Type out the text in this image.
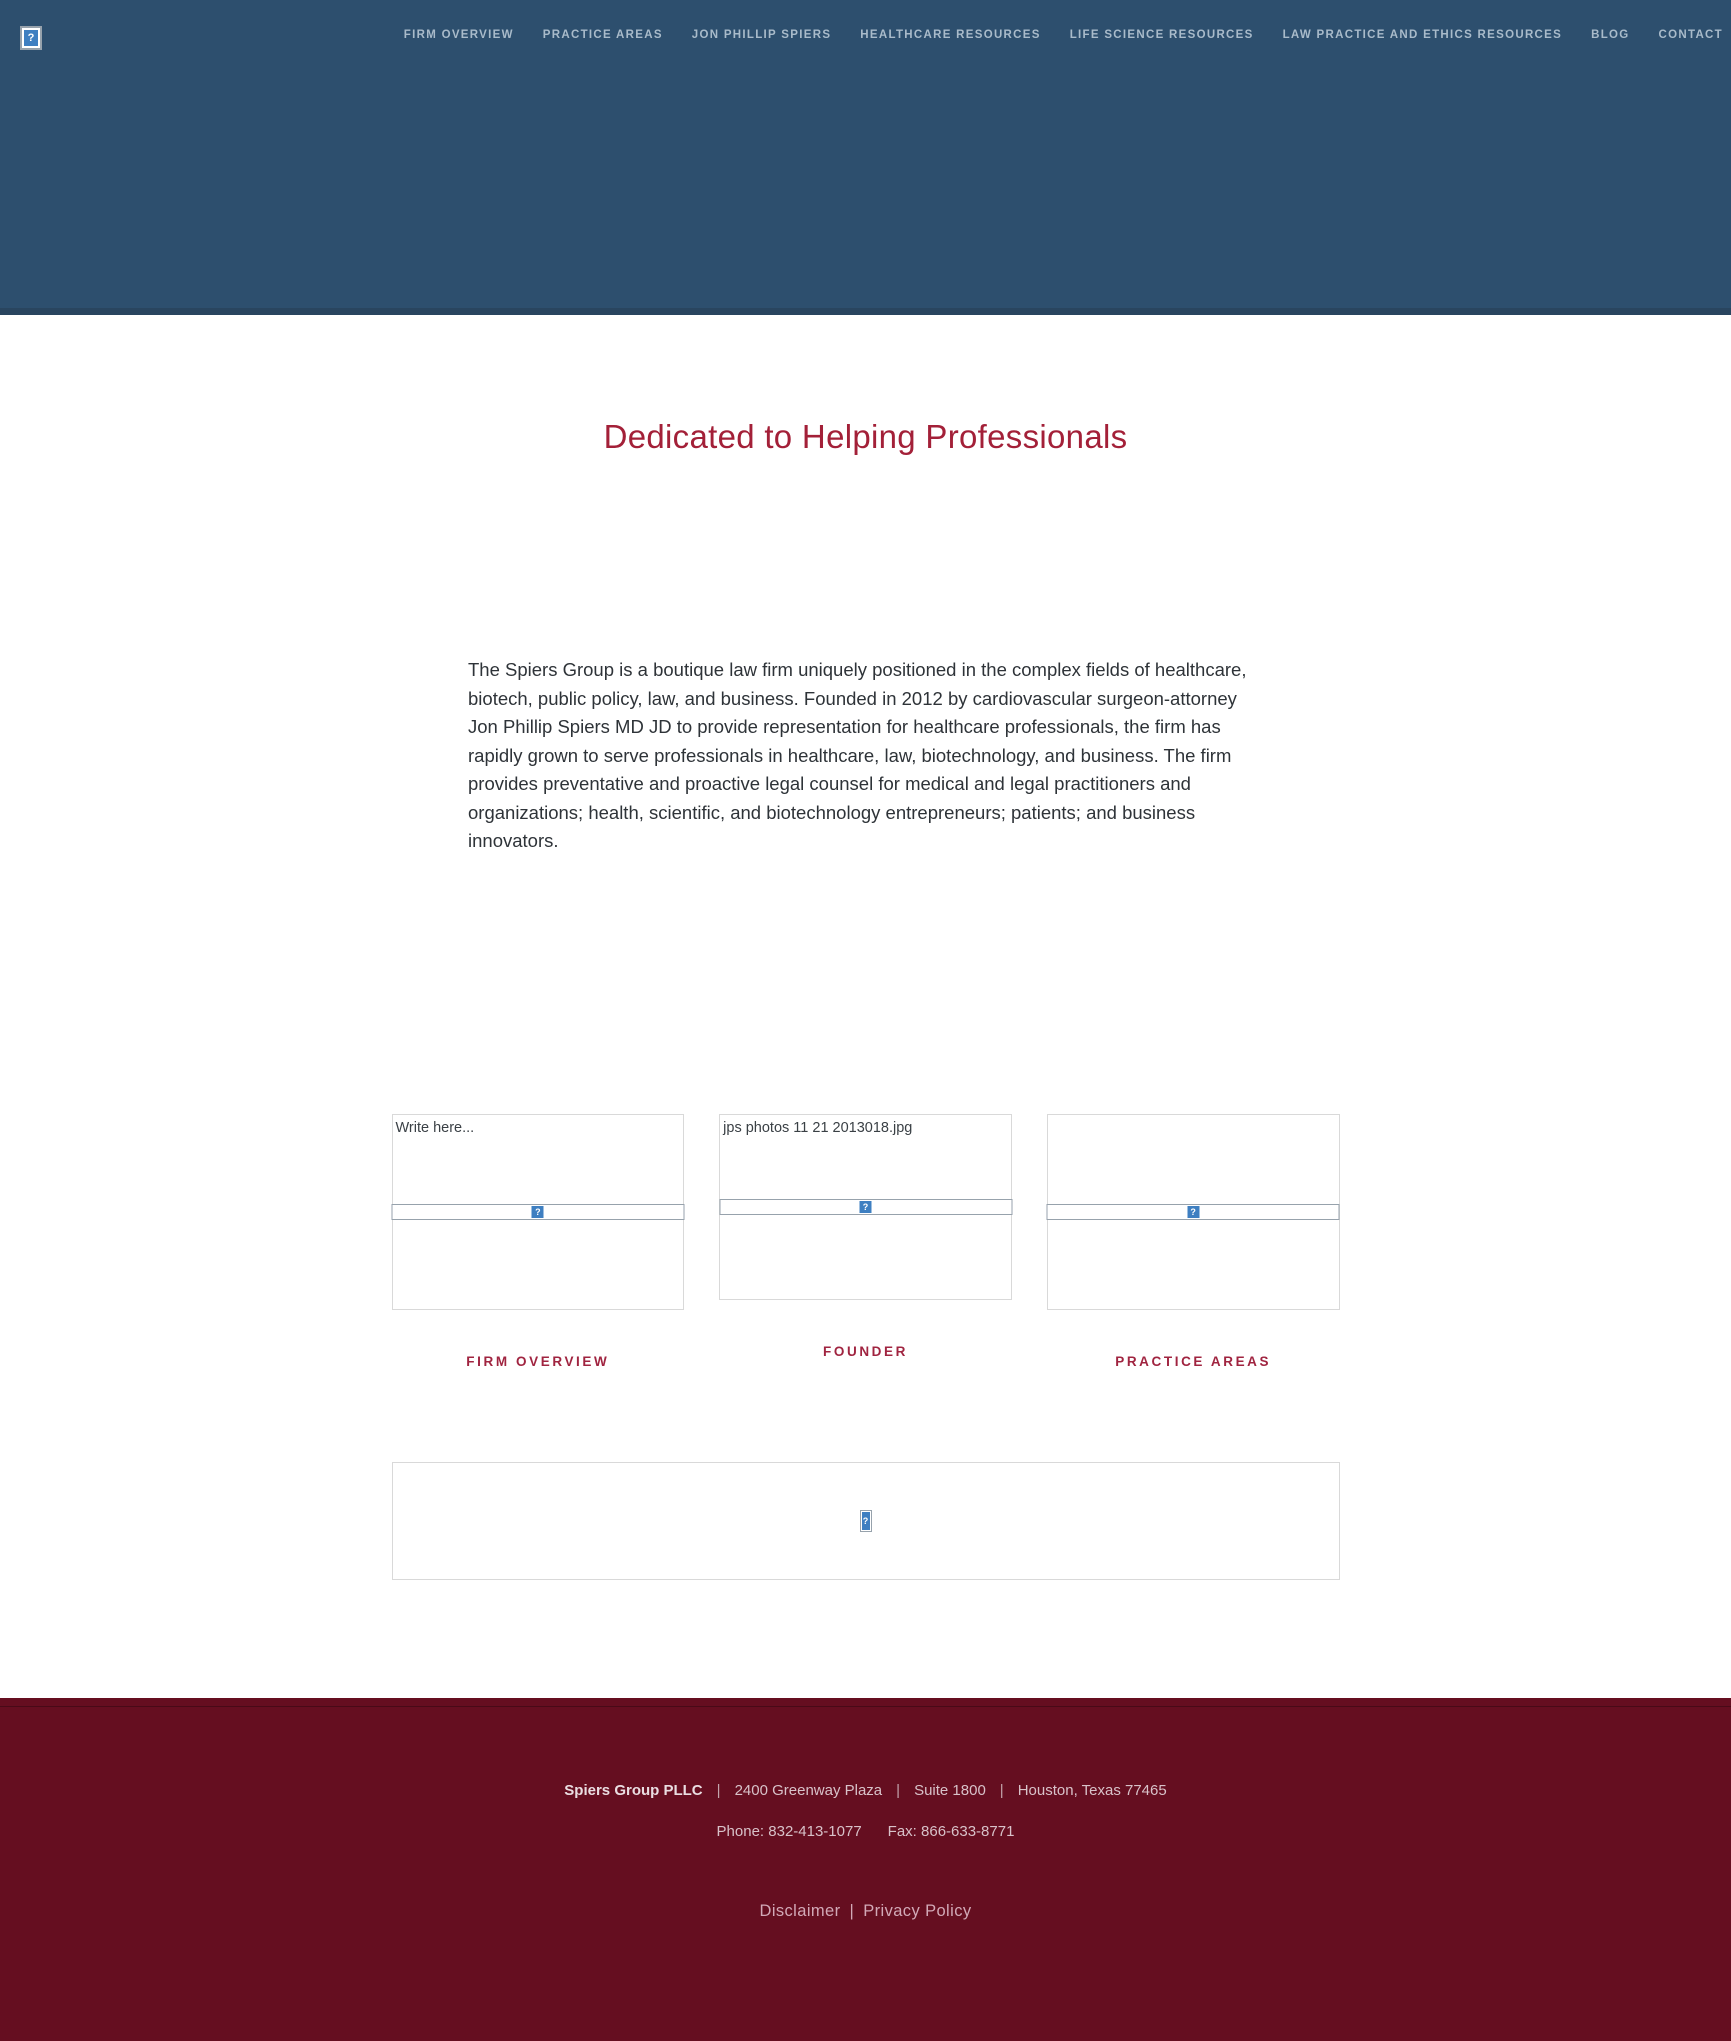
?	FIRM OVERVIEW	PRACTICE AREAS	JON PHILLIP SPIERS	HEALTHCARE RESOURCES	LIFE SCIENCE RESOURCES	LAW PRACTICE AND ETHICS RESOURCES	BLOG	CONTACT
Dedicated to Helping Professionals

The Spiers Group is a boutique law firm uniquely positioned in the complex fields of healthcare, biotech, public policy, law, and business. Founded in 2012 by cardiovascular surgeon-attorney Jon Phillip Spiers MD JD to provide representation for healthcare professionals, the firm has rapidly grown to serve professionals in healthcare, law, biotechnology, and business. The firm provides preventative and proactive legal counsel for medical and legal practitioners and organizations; health, scientific, and biotechnology entrepreneurs; patients; and business innovators.

Write here...
?
FIRM OVERVIEW
jps photos 11 21 2013018.jpg
?
FOUNDER
?
PRACTICE AREAS
?
Spiers Group PLLC | 2400 Greenway Plaza | Suite 1800 | Houston, Texas 77465
Phone: 832-413-1077 Fax: 866-633-8771
Disclaimer | Privacy Policy
